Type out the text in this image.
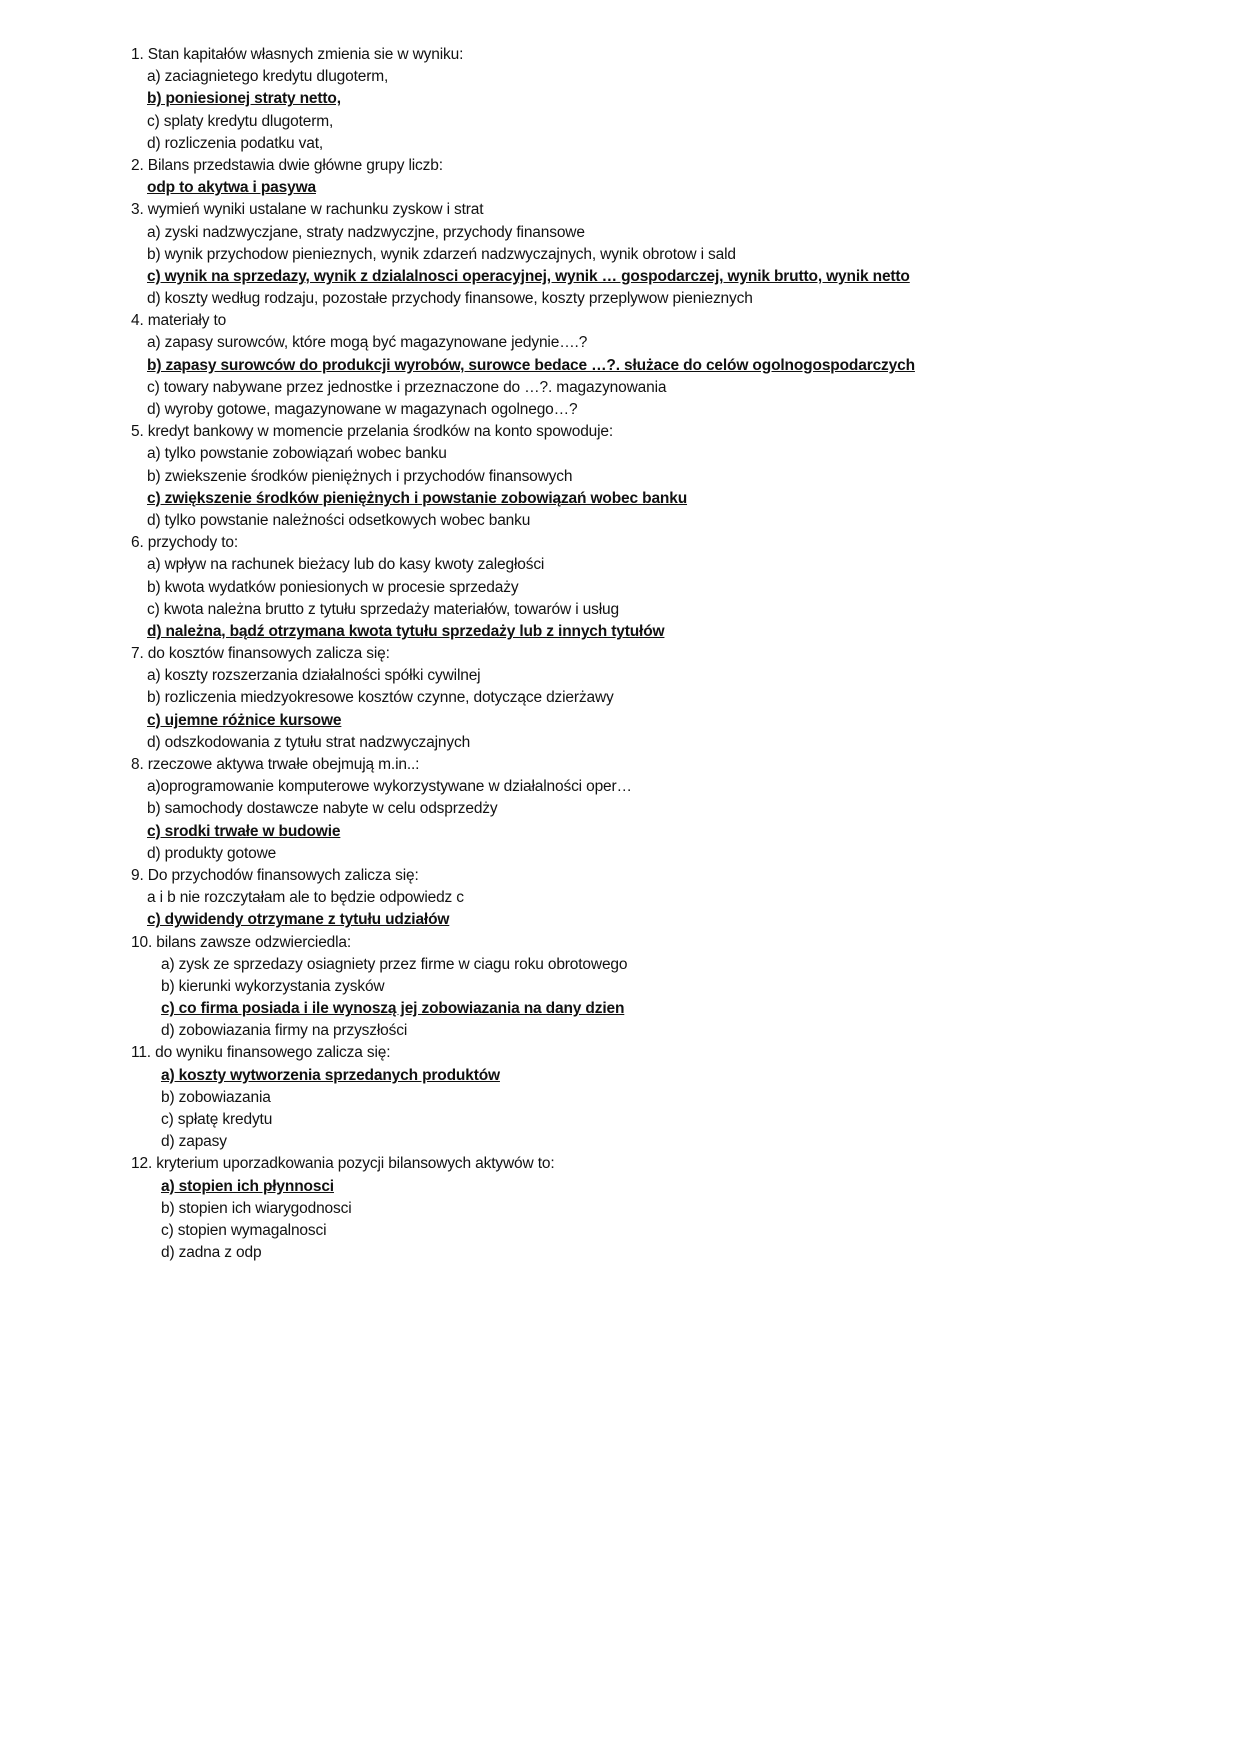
1. Stan kapitałów własnych zmienia sie w wyniku:
a) zaciagnietego kredytu dlugoterm,
b) poniesionej straty netto,
c) splaty kredytu dlugoterm,
d) rozliczenia podatku vat,
2. Bilans przedstawia dwie główne grupy liczb:
odp to akytwa i pasywa
3. wymień wyniki ustalane w rachunku zyskow i strat
a) zyski nadzwyczjane, straty nadzwyczjne, przychody finansowe
b) wynik przychodow pienieznych, wynik zdarzeń nadzwyczajnych, wynik obrotow i sald
c) wynik na sprzedazy, wynik z dzialalnosci operacyjnej, wynik … gospodarczej, wynik brutto, wynik netto
d) koszty według rodzaju, pozostałe przychody finansowe, koszty przeplywow pienieznych
4. materiały to
a) zapasy surowców, które mogą być magazynowane jedynie….?
b) zapasy surowców do produkcji wyrobów, surowce bedace …?. służace do celów ogolnogospodarczych
c) towary nabywane przez jednostke i przeznaczone do …?. magazynowania
d) wyroby gotowe, magazynowane w magazynach ogolnego…?
5. kredyt bankowy w momencie przelania środków na konto spowoduje:
a) tylko powstanie zobowiązań wobec banku
b) zwiekszenie środków pieniężnych i przychodów finansowych
c) zwiększenie środków pieniężnych i powstanie zobowiązań wobec banku
d) tylko powstanie należności odsetkowych wobec banku
6. przychody to:
a) wpływ na rachunek bieżacy lub do kasy kwoty zaległości
b) kwota wydatków poniesionych w procesie sprzedaży
c) kwota należna brutto z tytułu sprzedaży materiałów, towarów i usług
d) należna, bądź otrzymana kwota tytułu sprzedaży lub z innych tytułów
7. do kosztów finansowych zalicza się:
a) koszty rozszerzania działalności spółki cywilnej
b) rozliczenia miedzyokresowe kosztów czynne, dotyczące dzierżawy
c) ujemne różnice kursowe
d) odszkodowania z tytułu strat nadzwyczajnych
8. rzeczowe aktywa trwałe obejmują m.in..:
a)oprogramowanie komputerowe wykorzystywane w działalności oper…
b) samochody dostawcze nabyte w celu odsprzedży
c) srodki trwałe w budowie
d) produkty gotowe
9. Do przychodów finansowych zalicza się:
a i b nie rozczytałam ale to będzie odpowiedz c
c) dywidendy otrzymane z tytułu udziałów
10. bilans zawsze odzwierciedla:
a) zysk ze sprzedazy osiagniety przez firme w ciagu roku obrotowego
b) kierunki wykorzystania zysków
c) co firma posiada i ile wynoszą jej zobowiazania na dany dzien
d) zobowiazania firmy na przyszłości
11. do wyniku finansowego zalicza się:
a) koszty wytworzenia sprzedanych produktów
b) zobowiazania
c) spłatę kredytu
d) zapasy
12. kryterium uporzadkowania pozycji bilansowych aktywów to:
a) stopien ich płynnosci
b) stopien ich wiarygodnosci
c) stopien wymagalnosci
d) zadna z odp
